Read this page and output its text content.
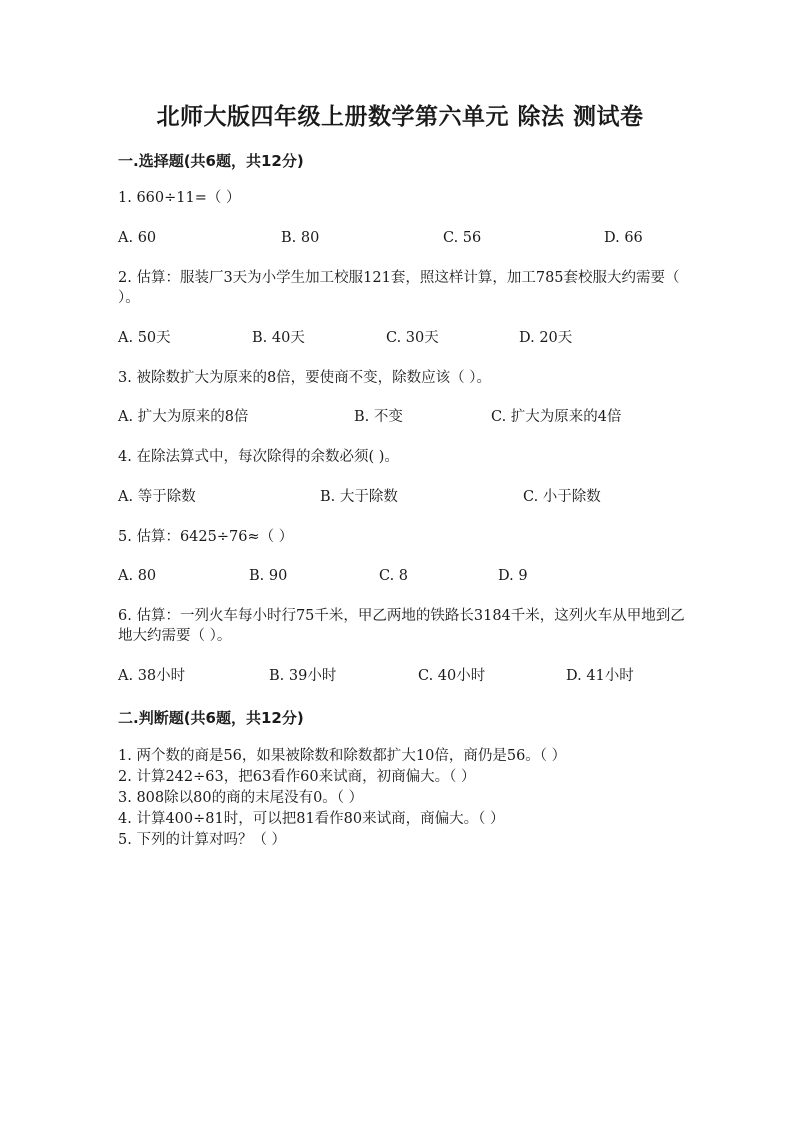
北师大版四年级上册数学第六单元 除法 测试卷
一.选择题(共6题，共12分)
1. 660÷11=（ ）
A. 60	B. 80	C. 56	D. 66
2. 估算：服装厂3天为小学生加工校服121套，照这样计算，加工785套校服大约需要（ ）。
A. 50天	B. 40天	C. 30天	D. 20天
3. 被除数扩大为原来的8倍，要使商不变，除数应该（ ）。
A. 扩大为原来的8倍	B. 不变	C. 扩大为原来的4倍
4. 在除法算式中，每次除得的余数必须( )。
A. 等于除数	B. 大于除数	C. 小于除数
5. 估算：6425÷76≈（ ）
A. 80	B. 90	C. 8	D. 9
6. 估算：一列火车每小时行75千米，甲乙两地的铁路长3184千米，这列火车从甲地到乙地大约需要（ ）。
A. 38小时	B. 39小时	C. 40小时	D. 41小时
二.判断题(共6题，共12分)
1. 两个数的商是56，如果被除数和除数都扩大10倍，商仍是56。（ ）
2. 计算242÷63，把63看作60来试商，初商偏大。（ ）
3. 808除以80的商的末尾没有0。（ ）
4. 计算400÷81时，可以把81看作80来试商，商偏大。（ ）
5. 下列的计算对吗？（ ）
